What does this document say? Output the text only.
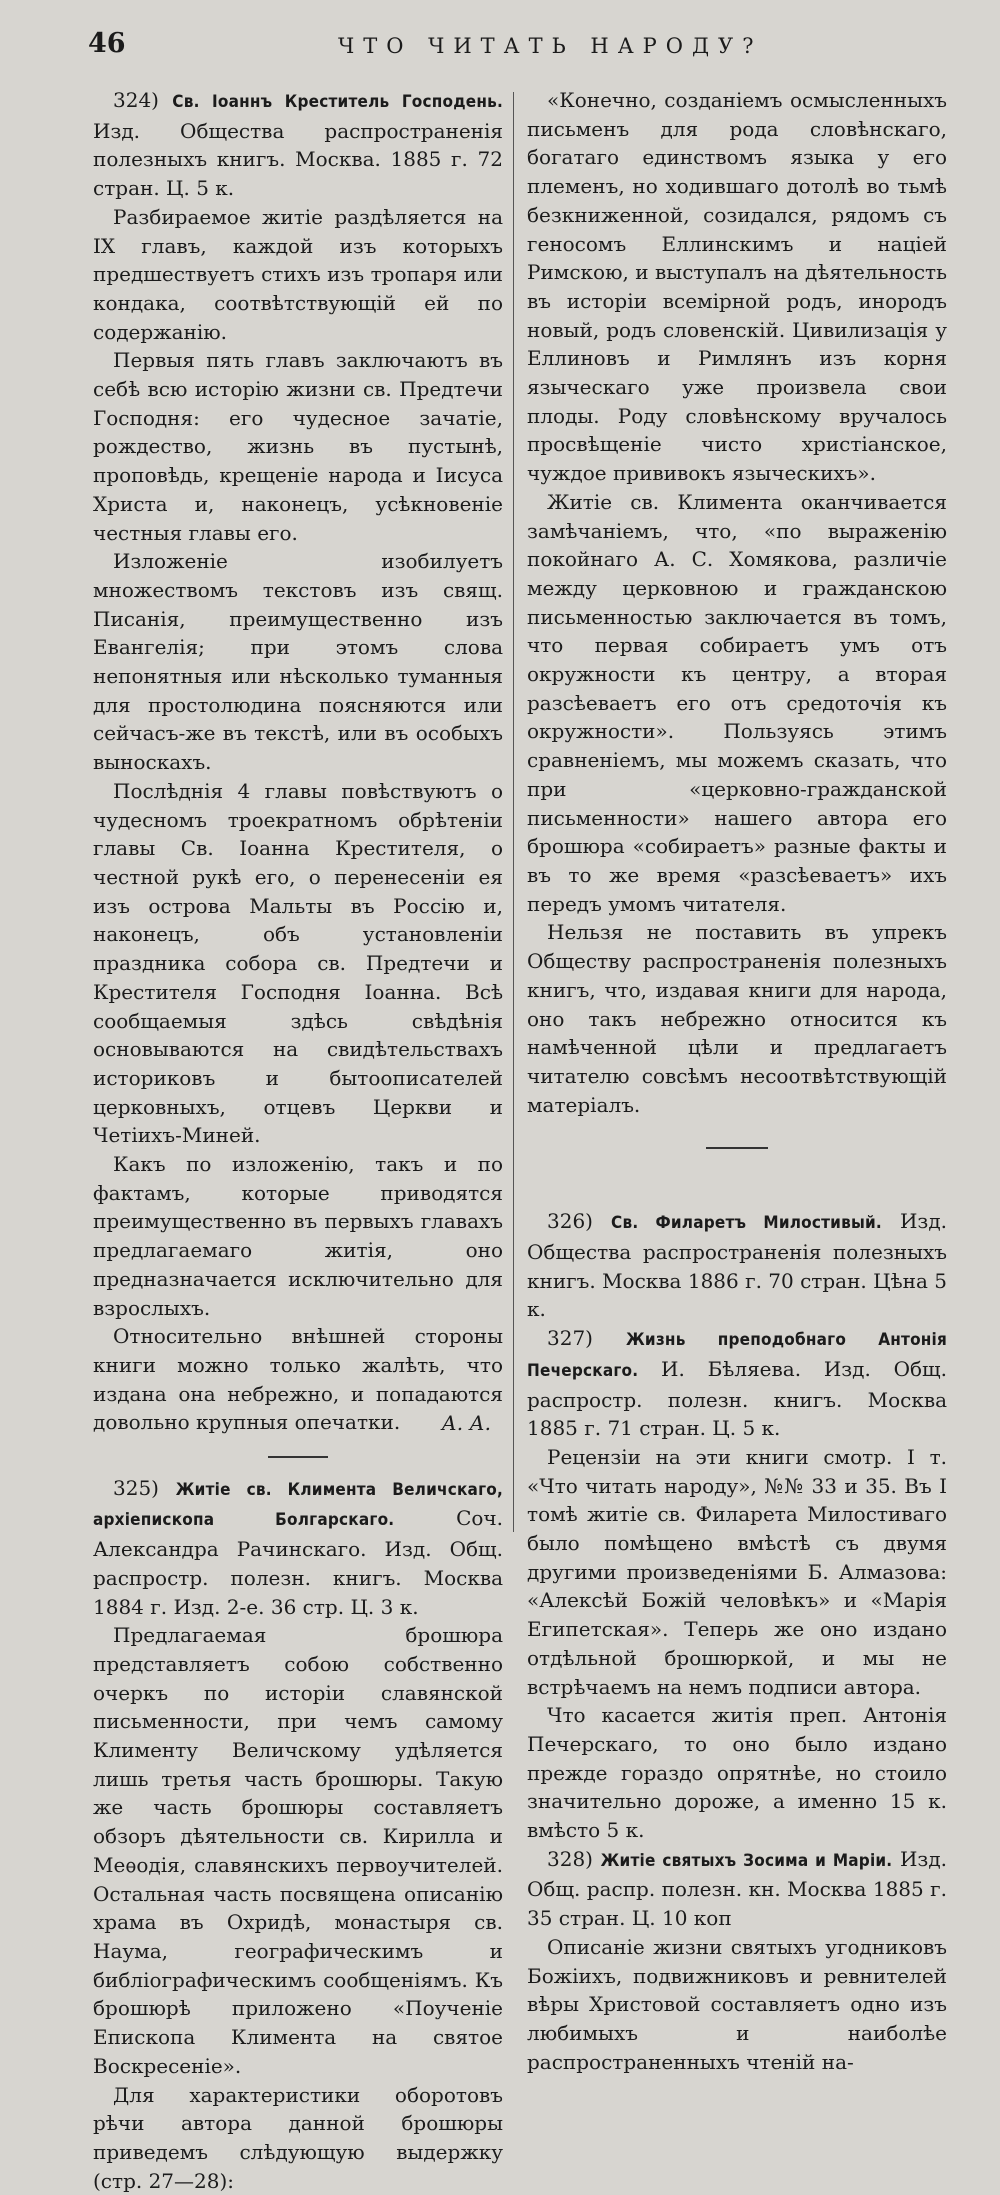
46	ЧТО ЧИТАТЬ НАРОДУ?

324) Св. Іоаннъ Креститель Господень. Изд. Общества распространенія полезныхъ книгъ. Москва. 1885 г. 72 стран. Ц. 5 к.

Разбираемое житіе раздѣляется на IX главъ, каждой изъ которыхъ предшествуетъ стихъ изъ тропаря или кондака, соотвѣтствующій ей по содержанію.

Первыя пять главъ заключаютъ въ себѣ всю исторію жизни св. Предтечи Господня: его чудесное зачатіе, рождество, жизнь въ пустынѣ, проповѣдь, крещеніе народа и Іисуса Христа и, наконецъ, усѣкновеніе честныя главы его.

Изложеніе изобилуетъ множествомъ текстовъ изъ свящ. Писанія, преимущественно изъ Евангелія; при этомъ слова непонятныя или нѣсколько туманныя для простолюдина поясняются или сейчасъ-же въ текстѣ, или въ особыхъ выноскахъ.

Послѣднія 4 главы повѣствуютъ о чудесномъ троекратномъ обрѣтеніи главы Св. Іоанна Крестителя, о честной рукѣ его, о перенесеніи ея изъ острова Мальты въ Россію и, наконецъ, объ установленіи праздника собора св. Предтечи и Крестителя Господня Іоанна. Всѣ сообщаемыя здѣсь свѣдѣнія основываются на свидѣтельствахъ историковъ и бытоописателей церковныхъ, отцевъ Церкви и Четіихъ-Миней.

Какъ по изложенію, такъ и по фактамъ, которые приводятся преимущественно въ первыхъ главахъ предлагаемаго житія, оно предназначается исключительно для взрослыхъ.

Относительно внѣшней стороны книги можно только жалѣть, что издана она небрежно, и попадаются довольно крупныя опечатки.	А. А.

325) Житіе св. Климента Величскаго, архіепископа Болгарскаго.	Соч. Александра Рачинскаго. Изд. Общ. распростр. полезн. книгъ. Москва 1884 г. Изд. 2-е. 36 стр. Ц. 3 к.

Предлагаемая брошюра представляетъ собою собственно очеркъ по исторіи славянской письменности, при чемъ самому Клименту Величскому удѣляется лишь третья часть брошюры. Такую же часть брошюры составляетъ обзоръ дѣятельности св. Кирилла и Меѳодія, славянскихъ первоучителей. Остальная часть посвящена описанію храма въ Охридѣ, монастыря св. Наума, географическимъ и библіографическимъ сообщеніямъ. Къ брошюрѣ приложено «Поученіе Епископа Климента на святое Воскресеніе».

Для характеристики оборотовъ рѣчи автора данной брошюры приведемъ слѣдующую выдержку (стр. 27—28):

«Конечно, созданіемъ осмысленныхъ письменъ для рода словѣнскаго, богатаго единствомъ языка у его племенъ, но ходившаго дотолѣ во тьмѣ безкниженной, созидался, рядомъ съ геносомъ Еллинскимъ и націей Римскою, и выступалъ на дѣятельность въ исторіи всемірной родъ, инородъ новый, родъ словенскій. Цивилизація у Еллиновъ и Римлянъ изъ корня языческаго уже произвела свои плоды. Роду словѣнскому вручалось просвѣщеніе чисто христіанское, чуждое прививокъ языческихъ».

Житіе св. Климента оканчивается замѣчаніемъ, что, «по выраженію покойнаго А. С. Хомякова, различіе между церковною и гражданскою письменностью заключается въ томъ, что первая собираетъ умъ отъ окружности къ центру, а вторая разсѣеваетъ его отъ средоточія къ окружности». Пользуясь этимъ сравненіемъ, мы можемъ сказать, что при «церковно-гражданской письменности» нашего автора его брошюра «собираетъ» разные факты и въ то же время «разсѣеваетъ» ихъ передъ умомъ читателя.

Нельзя не поставить въ упрекъ Обществу распространенія полезныхъ книгъ, что, издавая книги для народа, оно такъ небрежно относится къ намѣченной цѣли и предлагаетъ читателю совсѣмъ несоотвѣтствующій матеріалъ.

326) Св. Филаретъ Милостивый. Изд. Общества распространенія полезныхъ книгъ. Москва 1886 г. 70 стран. Цѣна 5 к.

327) Жизнь преподобнаго Антонія Печерскаго. И. Бѣляева. Изд. Общ. распростр. полезн. книгъ. Москва 1885 г. 71 стран. Ц. 5 к.

Рецензіи на эти книги смотр. I т. «Что читать народу», №№ 33 и 35. Въ I томѣ житіе св. Филарета Милостиваго было помѣщено вмѣстѣ съ двумя другими произведеніями Б. Алмазова: «Алексѣй Божій человѣкъ» и «Марія Египетская». Теперь же оно издано отдѣльной брошюркой, и мы не встрѣчаемъ на немъ подписи автора.

Что касается житія преп. Антонія Печерскаго, то оно было издано прежде гораздо опрятнѣе, но стоило значительно дороже, а именно 15 к. вмѣсто 5 к.

328) Житіе святыхъ Зосима и Маріи. Изд. Общ. распр. полезн. кн. Москва 1885 г. 35 стран. Ц. 10 коп

Описаніе жизни святыхъ угодниковъ Божіихъ, подвижниковъ и ревнителей вѣры Христовой составляетъ одно изъ любимыхъ и наиболѣе распространенныхъ чтеній на-
